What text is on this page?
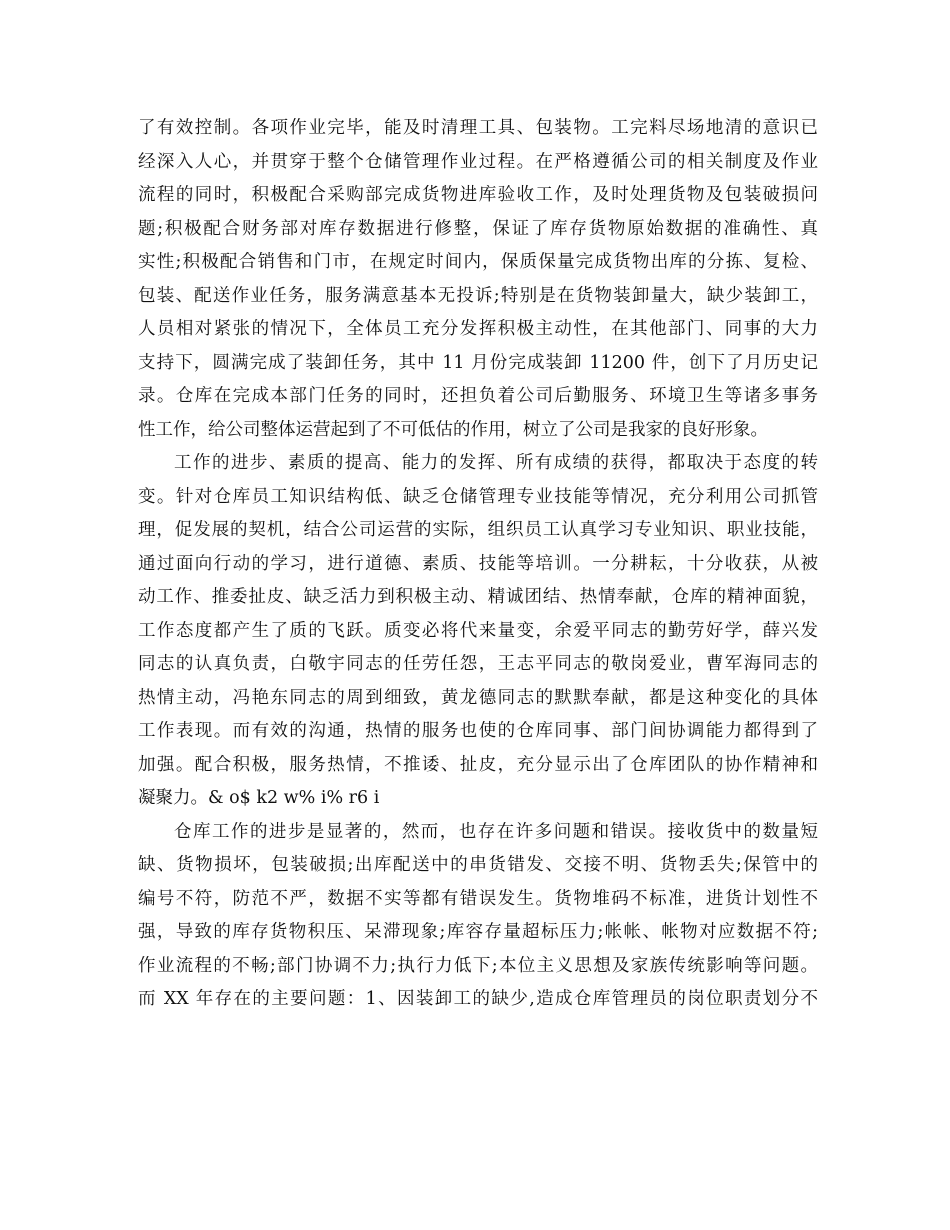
了有效控制。各项作业完毕，能及时清理工具、包装物。工完料尽场地清的意识已
经深入人心，并贯穿于整个仓储管理作业过程。在严格遵循公司的相关制度及作业
流程的同时，积极配合采购部完成货物进库验收工作，及时处理货物及包装破损问
题;积极配合财务部对库存数据进行修整，保证了库存货物原始数据的准确性、真
实性;积极配合销售和门市，在规定时间内，保质保量完成货物出库的分拣、复检、
包装、配送作业任务，服务满意基本无投诉;特别是在货物装卸量大，缺少装卸工，
人员相对紧张的情况下，全体员工充分发挥积极主动性，在其他部门、同事的大力
支持下，圆满完成了装卸任务，其中 11 月份完成装卸 11200 件，创下了月历史记
录。仓库在完成本部门任务的同时，还担负着公司后勤服务、环境卫生等诸多事务
性工作，给公司整体运营起到了不可低估的作用，树立了公司是我家的良好形象。
工作的进步、素质的提高、能力的发挥、所有成绩的获得，都取决于态度的转
变。针对仓库员工知识结构低、缺乏仓储管理专业技能等情况，充分利用公司抓管
理，促发展的契机，结合公司运营的实际，组织员工认真学习专业知识、职业技能，
通过面向行动的学习，进行道德、素质、技能等培训。一分耕耘，十分收获，从被
动工作、推委扯皮、缺乏活力到积极主动、精诚团结、热情奉献，仓库的精神面貌，
工作态度都产生了质的飞跃。质变必将代来量变，余爱平同志的勤劳好学，薛兴发
同志的认真负责，白敬宇同志的任劳任怨，王志平同志的敬岗爱业，曹军海同志的
热情主动，冯艳东同志的周到细致，黄龙德同志的默默奉献，都是这种变化的具体
工作表现。而有效的沟通，热情的服务也使的仓库同事、部门间协调能力都得到了
加强。配合积极，服务热情，不推诿、扯皮，充分显示出了仓库团队的协作精神和
凝聚力。& o$ k2 w% i% r6 i
仓库工作的进步是显著的，然而，也存在许多问题和错误。接收货中的数量短
缺、货物损坏，包装破损;出库配送中的串货错发、交接不明、货物丢失;保管中的
编号不符，防范不严，数据不实等都有错误发生。货物堆码不标准，进货计划性不
强，导致的库存货物积压、呆滞现象;库容存量超标压力;帐帐、帐物对应数据不符;
作业流程的不畅;部门协调不力;执行力低下;本位主义思想及家族传统影响等问题。
而 XX 年存在的主要问题：1、因装卸工的缺少,造成仓库管理员的岗位职责划分不
